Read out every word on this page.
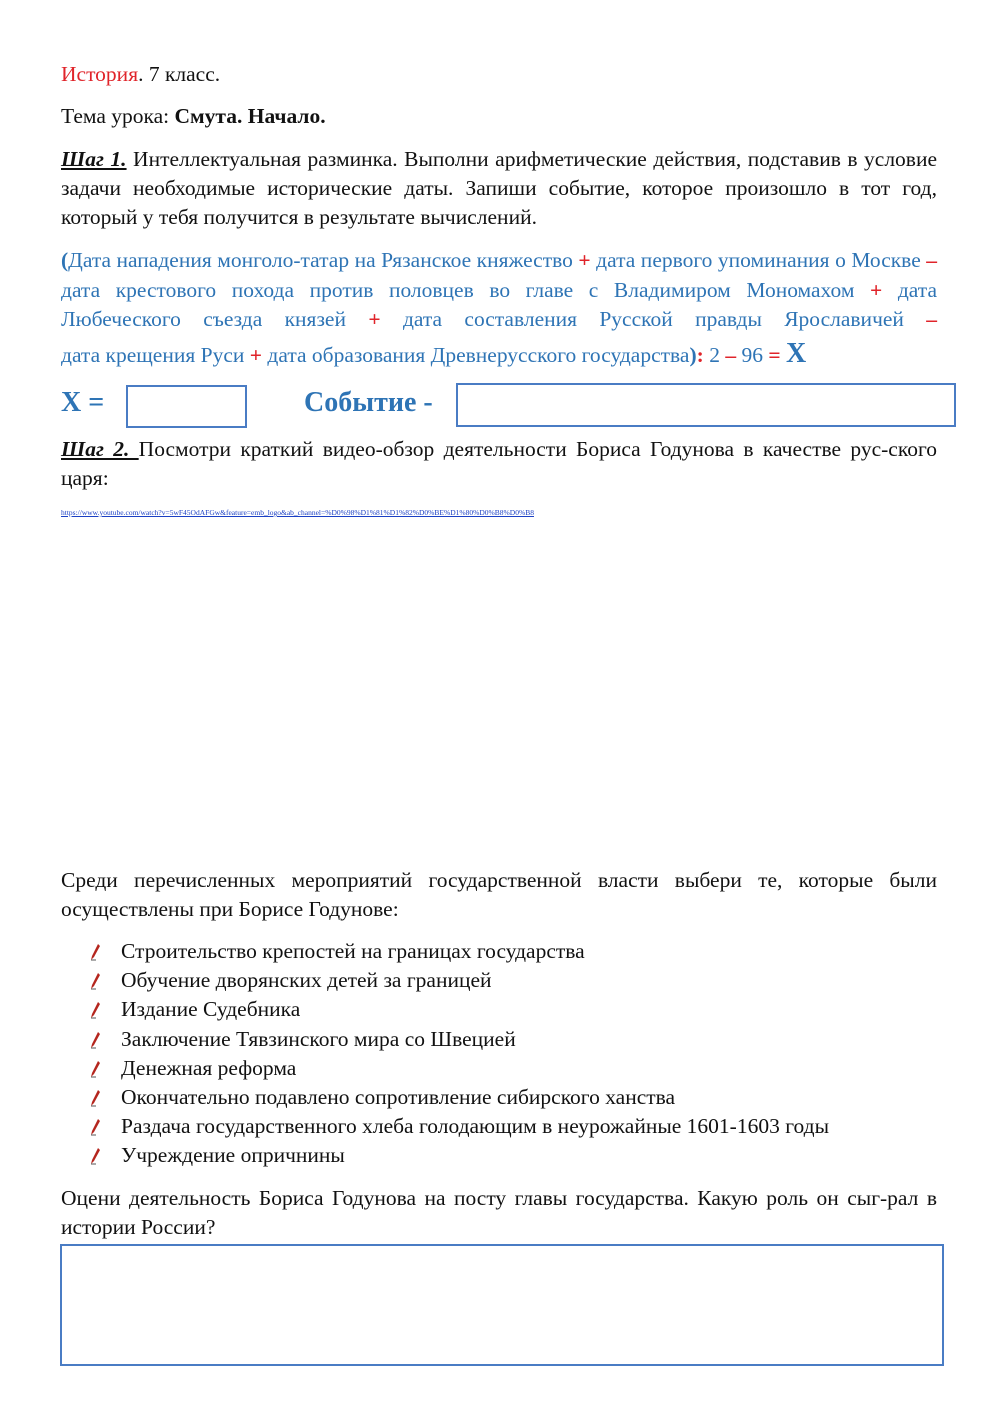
История. 7 класс.
Тема урока: Смута. Начало.
Шаг 1. Интеллектуальная разминка. Выполни арифметические действия, подставив в условие задачи необходимые исторические даты. Запиши событие, которое произошло в тот год, который у тебя получится в результате вычислений.
(Дата нападения монголо-татар на Рязанское княжество + дата первого упоминания о Москве – дата крестового похода против половцев во главе с Владимиром Мономахом + дата Любеческого съезда князей + дата составления Русской правды Ярославичей – дата крещения Руси + дата образования Древнерусского государства): 2 – 96 = X
X =	Событие -
Шаг 2. Посмотри краткий видео-обзор деятельности Бориса Годунова в качестве рус-ского царя:
https://www.youtube.com/watch?v=5wF45OdAFGw&feature=emb_logo&ab_channel=%D0%98%D1%81%D1%82%D0%BE%D1%80%D0%B8%D0%B8
Среди перечисленных мероприятий государственной власти выбери те, которые были осуществлены при Борисе Годунове:
Строительство крепостей на границах государства
Обучение дворянских детей за границей
Издание Судебника
Заключение Тявзинского мира со Швецией
Денежная реформа
Окончательно подавлено сопротивление сибирского ханства
Раздача государственного хлеба голодающим в неурожайные 1601-1603 годы
Учреждение опричнины
Оцени деятельность Бориса Годунова на посту главы государства. Какую роль он сыг-рал в истории России?
